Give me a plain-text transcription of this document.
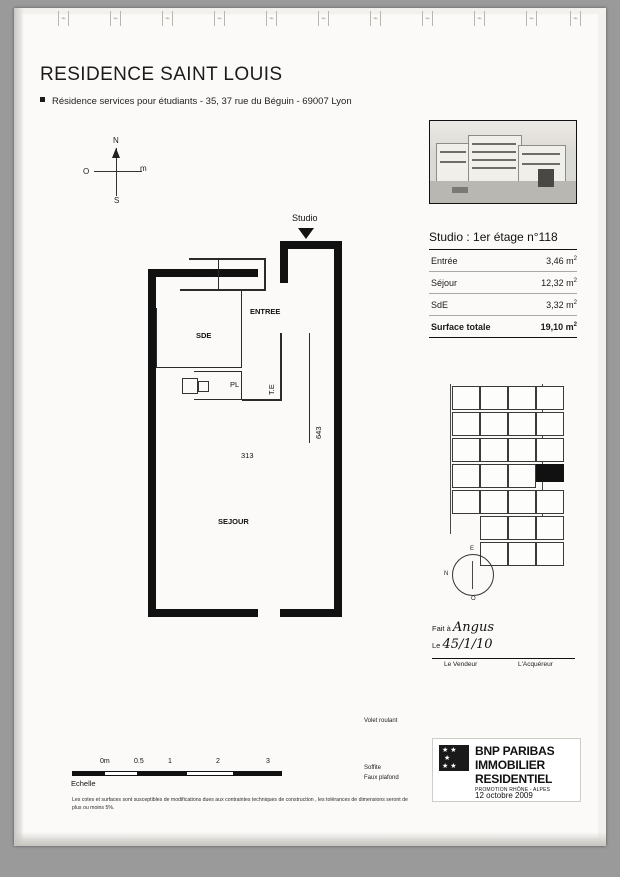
⌁	⌁	⌁	⌁	⌁	⌁	⌁	⌁	⌁	⌁	⌁
RESIDENCE SAINT LOUIS
Résidence services pour étudiants - 35, 37 rue du Béguin - 69007 Lyon
N
S
O	m
Studio
C.E PL
ENTREE
SDE
PL
SEJOUR
T.E
643
313
Studio : 1er étage n°118
Entrée	3,46 $m^2$
Séjour	12,32 $m^2$
SdE	3,32 $m^2$
Surface totale	19,10 $m^2$
E
O
N
Fait à Angus
Le 45/1/10
Le Vendeur	L'Acquéreur
0m	0.5	1	2	3
Echelle
Volet roulant
Soffite
Faux plafond
Les cotes et surfaces sont susceptibles de modifications dues aux contraintes techniques de construction , les tolérances de dimensions seront de plus ou moins 5%.
★ ★
★
★ ★
BNP PARIBAS
IMMOBILIER
RESIDENTIEL
PROMOTION RHÔNE - ALPES
12 octobre 2009
